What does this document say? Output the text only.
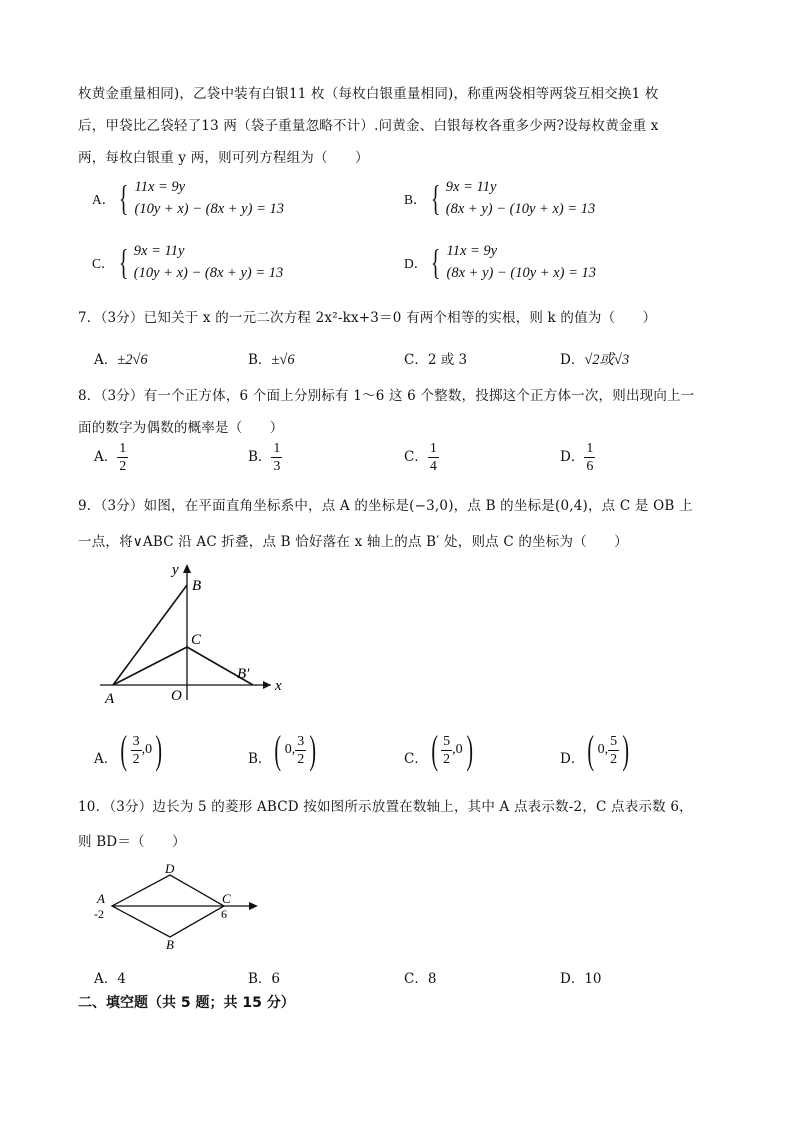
枚黄金重量相同)，乙袋中装有白银11 枚（每枚白银重量相同)，称重两袋相等两袋互相交换1 枚
后，甲袋比乙袋轻了13 两（袋子重量忽略不计）.问黄金、白银每枚各重多少两?设每枚黄金重 x
两，每枚白银重 y 两，则可列方程组为（　　）
A． { 11x = 9y
(10y + x) − (8x + y) = 13
B． { 9x = 11y
(8x + y) − (10y + x) = 13
C． { 9x = 11y
(10y + x) − (8x + y) = 13
D． { 11x = 9y
(8x + y) − (10y + x) = 13
7．（3分）已知关于 x 的一元二次方程 2x²-kx+3＝0 有两个相等的实根，则 k 的值为（　　）
A．±2√6	B．±√6	C．2 或 3	D．√2或√3
8．（3分）有一个正方体，6 个面上分别标有 1～6 这 6 个整数，投掷这个正方体一次，则出现向上一
面的数字为偶数的概率是（　　）
A． $\frac{1}{2}$	B． $\frac{1}{3}$	C． $\frac{1}{4}$	D． $\frac{1}{6}$
9．（3分）如图，在平面直角坐标系中，点 A 的坐标是(−3,0)，点 B 的坐标是(0,4)，点 C 是 OB 上
一点，将∨ABC 沿 AC 折叠，点 B 恰好落在 x 轴上的点 B′ 处，则点 C 的坐标为（　　）
y
x
B
C
B′
A	O
A． ( $\frac{3}{2} ,0$ )	B． ( 0, $\frac{3}{2}$ )	C． ( $\frac{5}{2} ,0$ )	D． ( 0, $\frac{5}{2}$ )
10．（3分）边长为 5 的菱形 ABCD 按如图所示放置在数轴上，其中 A 点表示数-2，C 点表示数 6，
则 BD＝（　　）
D
B
A
-2
C
6
A．4	B．6	C．8	D．10
二、填空题（共 5 题；共 15 分）
